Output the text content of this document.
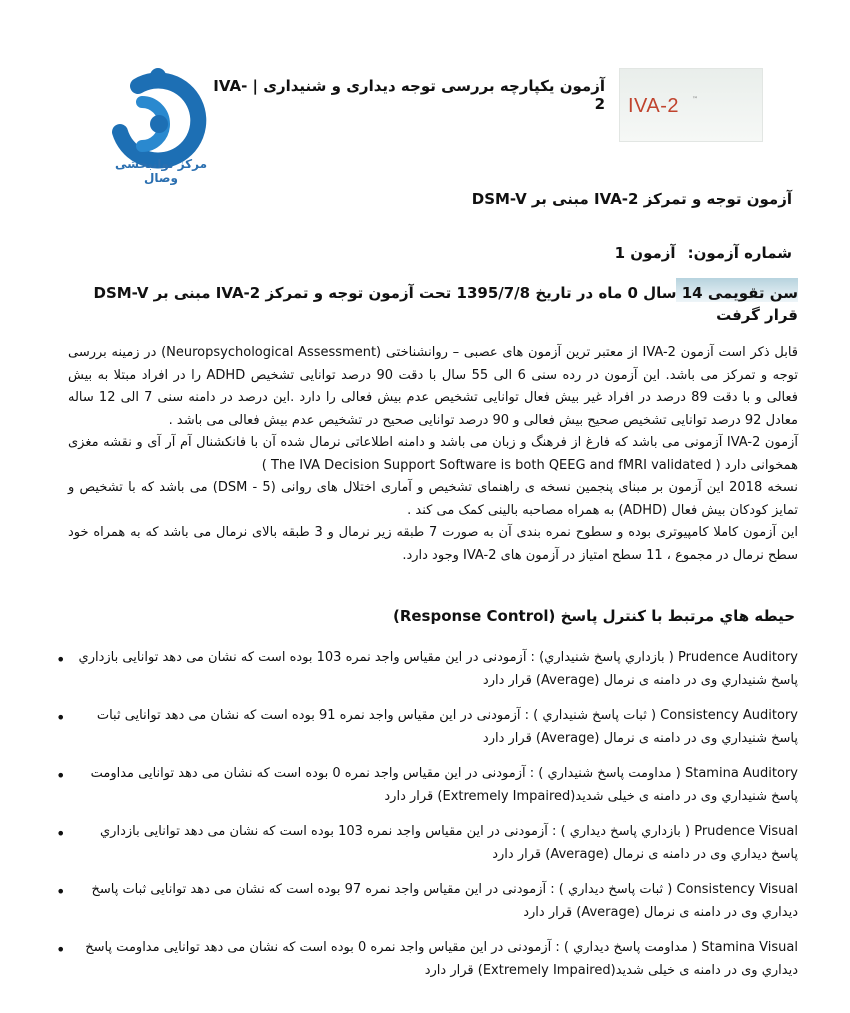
مرکز توانبخشی وصال
IVA-2 ™
آزمون یکپارچه بررسی توجه دیداری و شنیداری | IVA-2
آزمون توجه و تمرکز IVA-2 مبنی بر DSM-V
شماره آزمون:آزمون 1
سن تقویمی 14 سال 0 ماه در تاریخ 1395/7/8 تحت آزمون توجه و تمرکز IVA-2 مبنی بر DSM-V قرار گرفت

قابل ذکر است آزمون IVA-2 از معتبر ترین آزمون های عصبی – روانشناختی (Neuropsychological Assessment) در زمینه بررسی توجه و تمرکز می باشد. این آزمون در رده سنی 6 الی 55 سال با دقت 90 درصد توانایی تشخیص ADHD را در افراد مبتلا به بیش فعالی و با دقت 89 درصد در افراد غیر بیش فعال توانایی تشخیص عدم بیش فعالی را دارد .این درصد در دامنه سنی 7 الی 12 ساله معادل 92 درصد توانایی تشخیص صحیح بیش فعالی و 90 درصد توانایی صحیح در تشخیص عدم بیش فعالی می باشد .

آزمون IVA-2 آزمونی می باشد که فارغ از فرهنگ و زبان می باشد و دامنه اطلاعاتی نرمال شده آن با فانکشنال آم آر آی و نقشه مغزی همخوانی دارد ( The IVA Decision Support Software is both QEEG and fMRI validated )

نسخه 2018 این آزمون بر مبنای پنجمین نسخه ی راهنمای تشخیص و آماری اختلال های روانی (5 - DSM) می باشد که با تشخیص و تمایز کودکان بیش فعال (ADHD) به همراه مصاحبه بالینی کمک می کند .

این آزمون کاملا کامپیوتری بوده و سطوح نمره بندی آن به صورت 7 طبقه زیر نرمال و 3 طبقه بالای نرمال می باشد که به همراه خود سطح نرمال در مجموع ، 11 سطح امتیاز در آزمون های IVA-2 وجود دارد.

حیطه هاي مرتبط با کنترل پاسخ (Response Control)
• Prudence Auditory ( بازداري پاسخ شنیداري) : آزمودنی در این مقیاس واجد نمره 103 بوده است که نشان می دهد توانایی بازداري پاسخ شنیداري وی در دامنه ی نرمال (Average) قرار دارد
• Consistency Auditory ( ثبات پاسخ شنیداري ) : آزمودنی در این مقیاس واجد نمره 91 بوده است که نشان می دهد توانایی ثبات پاسخ شنیداري وی در دامنه ی نرمال (Average) قرار دارد
• Stamina Auditory ( مداومت پاسخ شنیداري ) : آزمودنی در این مقیاس واجد نمره 0 بوده است که نشان می دهد توانایی مداومت پاسخ شنیداري وی در دامنه ی خیلی شدید(Extremely Impaired) قرار دارد
•	Prudence Visual ( بازداري پاسخ دیداري ) : آزمودنی در این مقیاس واجد نمره 103 بوده است که نشان می دهد توانایی بازداري پاسخ دیداري وی در دامنه ی نرمال (Average) قرار دارد
• Consistency Visual ( ثبات پاسخ دیداري ) : آزمودنی در این مقیاس واجد نمره 97 بوده است که نشان می دهد توانایی ثبات پاسخ دیداري وی در دامنه ی نرمال (Average) قرار دارد
• Stamina Visual ( مداومت پاسخ دیداري ) : آزمودنی در این مقیاس واجد نمره 0 بوده است که نشان می دهد توانایی مداومت پاسخ دیداري وی در دامنه ی خیلی شدید(Extremely Impaired) قرار دارد
